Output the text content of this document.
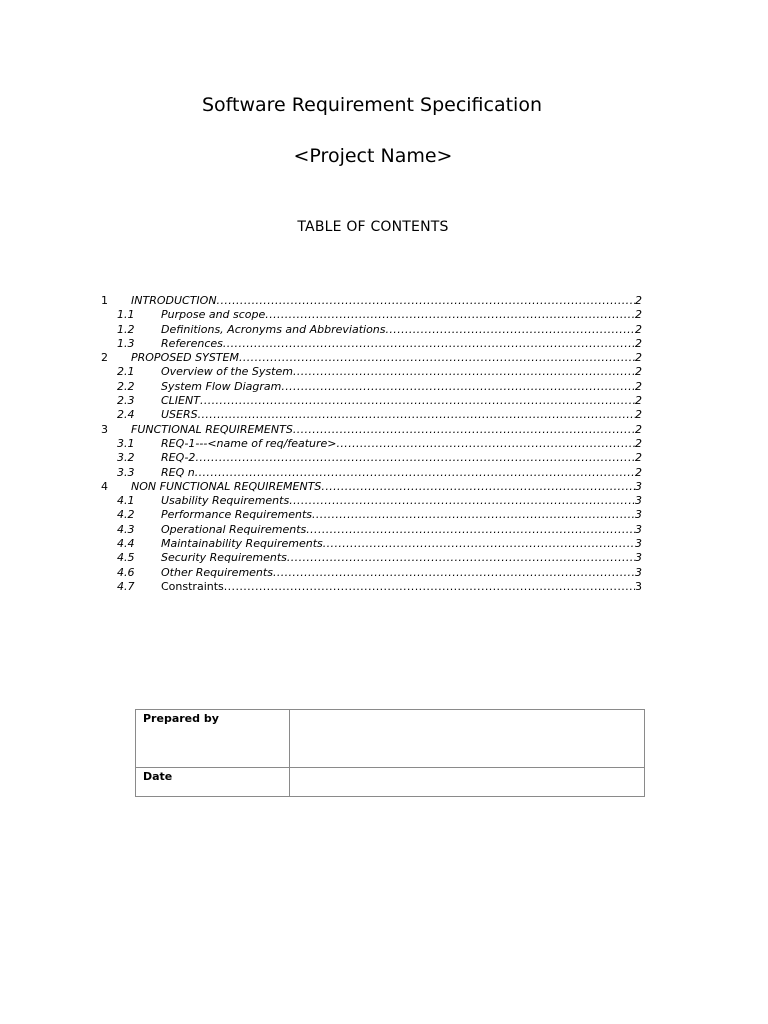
Software Requirement Specification
<Project Name>
TABLE OF CONTENTS
1 INTRODUCTION .....	2
1.1 Purpose and scope .....	2
1.2 Definitions, Acronyms and Abbreviations .....	2
1.3 References .....	2
2 PROPOSED SYSTEM .....	2
2.1 Overview of the System .....	2
2.2 System Flow Diagram .....	2
2.3 CLIENT .....	2
2.4 USERS .....	2
3 FUNCTIONAL REQUIREMENTS .....	2
3.1 REQ-1---<name of req/feature> .....	2
3.2 REQ-2 .....	2
3.3 REQ n .....	2
4 NON FUNCTIONAL REQUIREMENTS .....	3
4.1 Usability Requirements .....	3
4.2 Performance Requirements .....	3
4.3 Operational Requirements .....	3
4.4 Maintainability Requirements .....	3
4.5 Security Requirements .....	3
4.6 Other Requirements .....	3
4.7 Constraints .....	3
Prepared by	
Date	
